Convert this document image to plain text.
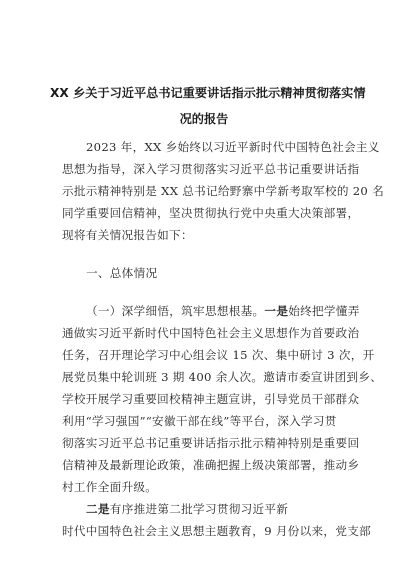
XX 乡关于习近平总书记重要讲话指示批示精神贯彻落实情
况的报告
2023 年，XX 乡始终以习近平新时代中国特色社会主义
思想为指导，深入学习贯彻落实习近平总书记重要讲话指
示批示精神特别是 XX 总书记给野寨中学新考取军校的 20 名
同学重要回信精神，坚决贯彻执行党中央重大决策部署，
现将有关情况报告如下：
一、总体情况
（一）深学细悟，筑牢思想根基。一是始终把学懂弄
通做实习近平新时代中国特色社会主义思想作为首要政治
任务，召开理论学习中心组会议 15 次、集中研讨 3 次，开
展党员集中轮训班 3 期 400 余人次。邀请市委宣讲团到乡、
学校开展学习重要回校精神主题宣讲，引导党员干部群众
利用“学习强国”“安徽干部在线”等平台，深入学习贯
彻落实习近平总书记重要讲话指示批示精神特别是重要回
信精神及最新理论政策，准确把握上级决策部署，推动乡
村工作全面升级。
二是有序推进第二批学习贯彻习近平新
时代中国特色社会主义思想主题教育，9 月份以来，党支部
